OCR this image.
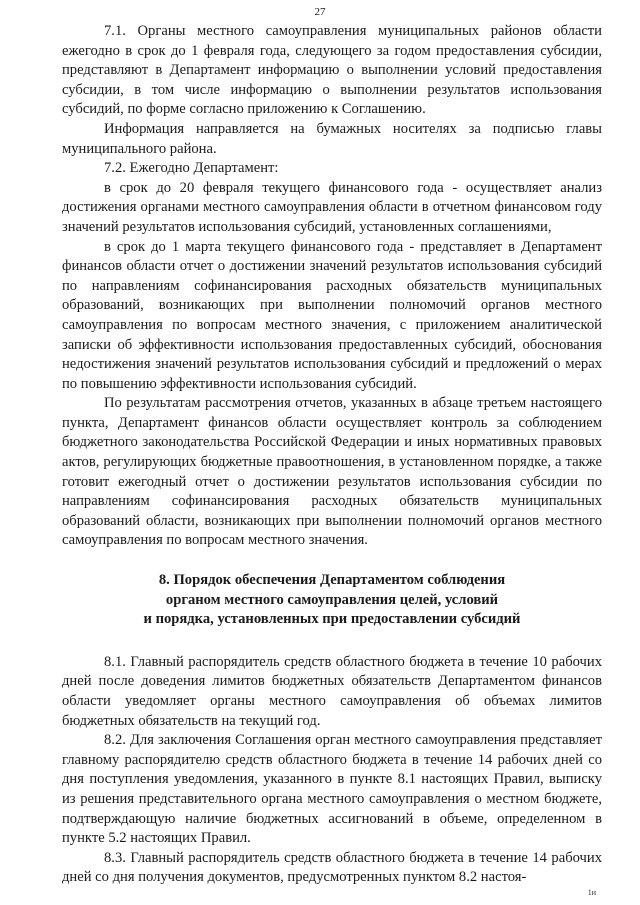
27

7.1. Органы местного самоуправления муниципальных районов области ежегодно в срок до 1 февраля года, следующего за годом предоставления субсидии, представляют в Департамент информацию о выполнении условий предоставления субсидии, в том числе информацию о выполнении результатов использования субсидий, по форме согласно приложению к Соглашению.

Информация направляется на бумажных носителях за подписью главы муниципального района.

7.2. Ежегодно Департамент:

в срок до 20 февраля текущего финансового года - осуществляет анализ достижения органами местного самоуправления области в отчетном финансовом году значений результатов использования субсидий, установленных соглашениями,

в срок до 1 марта текущего финансового года - представляет в Департамент финансов области отчет о достижении значений результатов использования субсидий по направлениям софинансирования расходных обязательств муниципальных образований, возникающих при выполнении полномочий органов местного самоуправления по вопросам местного значения, с приложением аналитической записки об эффективности использования предоставленных субсидий, обоснования недостижения значений результатов использования субсидий и предложений о мерах по повышению эффективности использования субсидий.

По результатам рассмотрения отчетов, указанных в абзаце третьем настоящего пункта, Департамент финансов области осуществляет контроль за соблюдением бюджетного законодательства Российской Федерации и иных нормативных правовых актов, регулирующих бюджетные правоотношения, в установленном порядке, а также готовит ежегодный отчет о достижении результатов использования субсидии по направлениям софинансирования расходных обязательств муниципальных образований области, возникающих при выполнении полномочий органов местного самоуправления по вопросам местного значения.

8. Порядок обеспечения Департаментом соблюдения
органом местного самоуправления целей, условий
и порядка, установленных при предоставлении субсидий

8.1. Главный распорядитель средств областного бюджета в течение 10 рабочих дней после доведения лимитов бюджетных обязательств Департаментом финансов области уведомляет органы местного самоуправления об объемах лимитов бюджетных обязательств на текущий год.

8.2. Для заключения Соглашения орган местного самоуправления представляет главному распорядителю средств областного бюджета в течение 14 рабочих дней со дня поступления уведомления, указанного в пункте 8.1 настоящих Правил, выписку из решения представительного органа местного самоуправления о местном бюджете, подтверждающую наличие бюджетных ассигнований в объеме, определенном в пункте 5.2 настоящих Правил.

8.3. Главный распорядитель средств областного бюджета в течение 14 рабочих дней со дня получения документов, предусмотренных пунктом 8.2 настоя-

1и
